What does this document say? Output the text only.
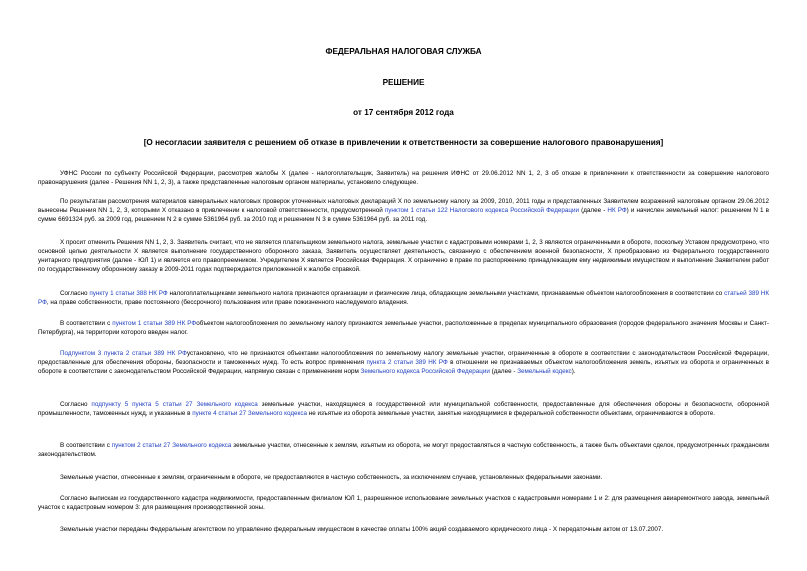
ФЕДЕРАЛЬНАЯ НАЛОГОВАЯ СЛУЖБА
РЕШЕНИЕ
от 17 сентября 2012 года
[О несогласии заявителя с решением об отказе в привлечении к ответственности за совершение налогового правонарушения]
УФНС России по субъекту Российской Федерации, рассмотрев жалобы Х (далее - налогоплательщик, Заявитель) на решения ИФНС от 29.06.2012 NN 1, 2, 3 об отказе в привлечении к ответственности за совершение налогового правонарушения (далее - Решения NN 1, 2, 3), а также представленные налоговым органом материалы, установило следующее.
По результатам рассмотрения материалов камеральных налоговых проверок уточненных налоговых деклараций Х по земельному налогу за 2009, 2010, 2011 годы и представленных Заявителем возражений налоговым органом 29.06.2012 вынесены Решения NN 1, 2, 3, которыми Х отказано в привлечении к налоговой ответственности, предусмотренной пунктом 1 статьи 122 Налогового кодекса Российской Федерации (далее - НК РФ) и начислен земельный налог: решением N 1 в сумме 6691324 руб. за 2009 год, решением N 2 в сумме 5361964 руб. за 2010 год и решением N 3 в сумме 5361964 руб. за 2011 год.
Х просит отменить Решения NN 1, 2, 3. Заявитель считает, что не является плательщиком земельного налога, земельные участки с кадастровыми номерами 1, 2, 3 являются ограниченными в обороте, поскольку Уставом предусмотрено, что основной целью деятельности Х является выполнение государственного оборонного заказа, Заявитель осуществляет деятельность, связанную с обеспечением военной безопасности, Х преобразовано из Федерального государственного унитарного предприятия (далее - ЮЛ 1) и является его правопреемником. Учредителем Х является Российская Федерация. Х ограничено в праве по распоряжению принадлежащим ему недвижимым имуществом и выполнение Заявителем работ по государственному оборонному заказу в 2009-2011 годах подтверждается приложенной к жалобе справкой.
Согласно пункту 1 статьи 388 НК РФ налогоплательщиками земельного налога признаются организации и физические лица, обладающие земельными участками, признаваемые объектом налогообложения в соответствии со статьей 389 НК РФ, на праве собственности, праве постоянного (бессрочного) пользования или праве пожизненного наследуемого владения.
В соответствии с пунктом 1 статьи 389 НК РФобъектом налогообложения по земельному налогу признаются земельные участки, расположенные в пределах муниципального образования (городов федерального значения Москвы и Санкт-Петербурга), на территории которого введен налог.
Подпунктом 3 пункта 2 статьи 389 НК РФустановлено, что не признаются объектами налогообложения по земельному налогу земельные участки, ограниченные в обороте в соответствии с законодательством Российской Федерации, предоставленные для обеспечения обороны, безопасности и таможенных нужд. То есть вопрос применения пункта 2 статьи 389 НК РФ в отношении не признаваемых объектом налогообложения земель, изъятых из оборота и ограниченных в обороте в соответствии с законодательством Российской Федерации, напрямую связан с применением норм Земельного кодекса Российской Федерации (далее - Земельный кодекс).
Согласно подпункту 5 пункта 5 статьи 27 Земельного кодекса земельные участки, находящиеся в государственной или муниципальной собственности, предоставленные для обеспечения обороны и безопасности, оборонной промышленности, таможенных нужд, и указанные в пункте 4 статьи 27 Земельного кодекса не изъятые из оборота земельные участки, занятые находящимися в федеральной собственности объектами, ограничиваются в обороте.
В соответствии с пунктом 2 статьи 27 Земельного кодекса земельные участки, отнесенные к землям, изъятым из оборота, не могут предоставляться в частную собственность, а также быть объектами сделок, предусмотренных гражданским законодательством.
Земельные участки, отнесенные к землям, ограниченным в обороте, не предоставляются в частную собственность, за исключением случаев, установленных федеральными законами.
Согласно выпискам из государственного кадастра недвижимости, предоставленным филиалом ЮЛ 1, разрешенное использование земельных участков с кадастровыми номерами 1 и 2: для размещения авиаремонтного завода, земельный участок с кадастровым номером 3: для размещения производственной зоны.
Земельные участки переданы Федеральным агентством по управлению федеральным имуществом в качестве оплаты 100% акций создаваемого юридического лица - Х передаточным актом от 13.07.2007.
